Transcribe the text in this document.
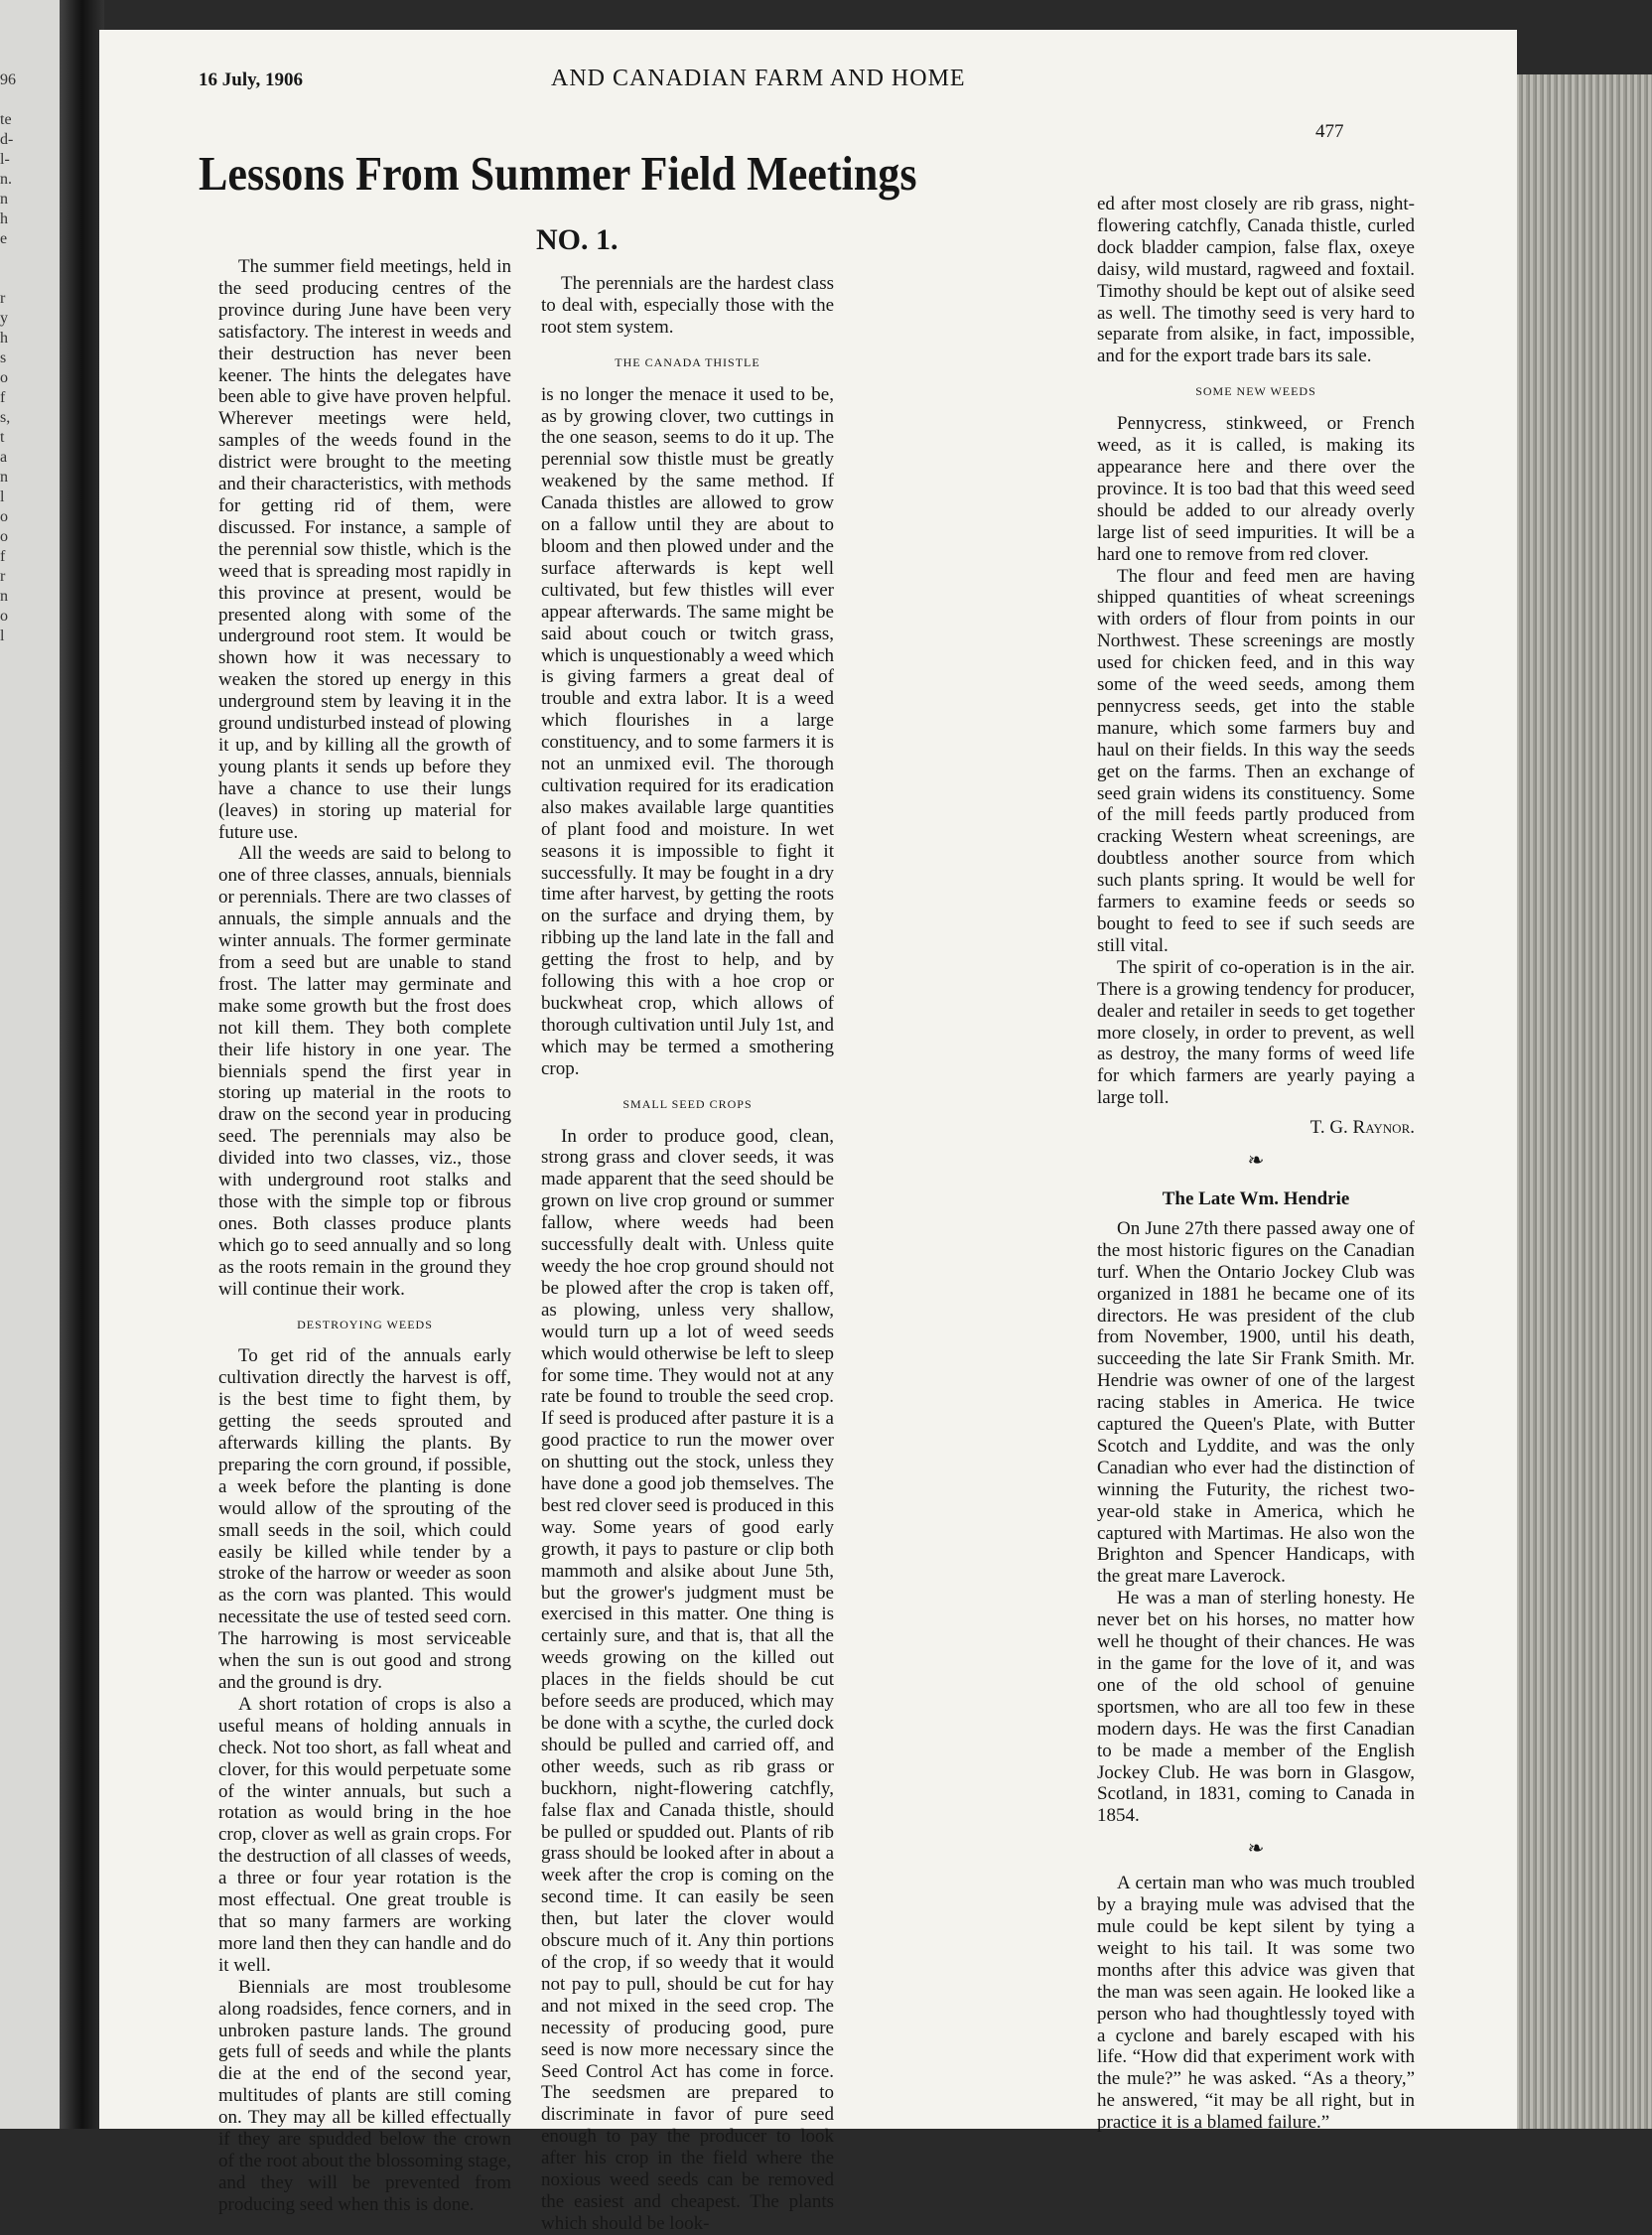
96
te
d-
l-
n.
n
h
e
r
y
h
s
o
f
s,
t
a
n
l
o
o
f
r
n
o
l
16 July, 1906	AND CANADIAN FARM AND HOME
477
Lessons From Summer Field Meetings
NO. 1.

The summer field meetings, held in the seed producing centres of the province during June have been very satisfactory. The interest in weeds and their destruction has never been keener. The hints the delegates have been able to give have proven helpful. Wherever meetings were held, samples of the weeds found in the district were brought to the meeting and their characteristics, with methods for getting rid of them, were discussed. For instance, a sample of the perennial sow thistle, which is the weed that is spreading most rapidly in this province at present, would be presented along with some of the underground root stem. It would be shown how it was necessary to weaken the stored up energy in this underground stem by leaving it in the ground undisturbed instead of plowing it up, and by killing all the growth of young plants it sends up before they have a chance to use their lungs (leaves) in storing up material for future use.

All the weeds are said to belong to one of three classes, annuals, biennials or perennials. There are two classes of annuals, the simple annuals and the winter annuals. The former germinate from a seed but are unable to stand frost. The latter may germinate and make some growth but the frost does not kill them. They both complete their life history in one year. The biennials spend the first year in storing up material in the roots to draw on the second year in producing seed. The perennials may also be divided into two classes, viz., those with underground root stalks and those with the simple top or fibrous ones. Both classes produce plants which go to seed annually and so long as the roots remain in the ground they will continue their work.

DESTROYING WEEDS

To get rid of the annuals early cultivation directly the harvest is off, is the best time to fight them, by getting the seeds sprouted and afterwards killing the plants. By preparing the corn ground, if possible, a week before the planting is done would allow of the sprouting of the small seeds in the soil, which could easily be killed while tender by a stroke of the harrow or weeder as soon as the corn was planted. This would necessitate the use of tested seed corn. The harrowing is most serviceable when the sun is out good and strong and the ground is dry.

A short rotation of crops is also a useful means of holding annuals in check. Not too short, as fall wheat and clover, for this would perpetuate some of the winter annuals, but such a rotation as would bring in the hoe crop, clover as well as grain crops. For the destruction of all classes of weeds, a three or four year rotation is the most effectual. One great trouble is that so many farmers are working more land then they can handle and do it well.

Biennials are most troublesome along roadsides, fence corners, and in unbroken pasture lands. The ground gets full of seeds and while the plants die at the end of the second year, multitudes of plants are still coming on. They may all be killed effectually if they are spudded below the crown of the root about the blossoming stage, and they will be prevented from producing seed when this is done.

The perennials are the hardest class to deal with, especially those with the root stem system.

THE CANADA THISTLE

is no longer the menace it used to be, as by growing clover, two cuttings in the one season, seems to do it up. The perennial sow thistle must be greatly weakened by the same method. If Canada thistles are allowed to grow on a fallow until they are about to bloom and then plowed under and the surface afterwards is kept well cultivated, but few thistles will ever appear afterwards. The same might be said about couch or twitch grass, which is unquestionably a weed which is giving farmers a great deal of trouble and extra labor. It is a weed which flourishes in a large constituency, and to some farmers it is not an unmixed evil. The thorough cultivation required for its eradication also makes available large quantities of plant food and moisture. In wet seasons it is impossible to fight it successfully. It may be fought in a dry time after harvest, by getting the roots on the surface and drying them, by ribbing up the land late in the fall and getting the frost to help, and by following this with a hoe crop or buckwheat crop, which allows of thorough cultivation until July 1st, and which may be termed a smothering crop.

SMALL SEED CROPS

In order to produce good, clean, strong grass and clover seeds, it was made apparent that the seed should be grown on live crop ground or summer fallow, where weeds had been successfully dealt with. Unless quite weedy the hoe crop ground should not be plowed after the crop is taken off, as plowing, unless very shallow, would turn up a lot of weed seeds which would otherwise be left to sleep for some time. They would not at any rate be found to trouble the seed crop. If seed is produced after pasture it is a good practice to run the mower over on shutting out the stock, unless they have done a good job themselves. The best red clover seed is produced in this way. Some years of good early growth, it pays to pasture or clip both mammoth and alsike about June 5th, but the grower's judgment must be exercised in this matter. One thing is certainly sure, and that is, that all the weeds growing on the killed out places in the fields should be cut before seeds are produced, which may be done with a scythe, the curled dock should be pulled and carried off, and other weeds, such as rib grass or buckhorn, night-flowering catchfly, false flax and Canada thistle, should be pulled or spudded out. Plants of rib grass should be looked after in about a week after the crop is coming on the second time. It can easily be seen then, but later the clover would obscure much of it. Any thin portions of the crop, if so weedy that it would not pay to pull, should be cut for hay and not mixed in the seed crop. The necessity of producing good, pure seed is now more necessary since the Seed Control Act has come in force. The seedsmen are prepared to discriminate in favor of pure seed enough to pay the producer to look after his crop in the field where the noxious weed seeds can be removed the easiest and cheapest. The plants which should be look-

ed after most closely are rib grass, night-flowering catchfly, Canada thistle, curled dock bladder campion, false flax, oxeye daisy, wild mustard, ragweed and foxtail. Timothy should be kept out of alsike seed as well. The timothy seed is very hard to separate from alsike, in fact, impossible, and for the export trade bars its sale.

SOME NEW WEEDS

Pennycress, stinkweed, or French weed, as it is called, is making its appearance here and there over the province. It is too bad that this weed seed should be added to our already overly large list of seed impurities. It will be a hard one to remove from red clover.

The flour and feed men are having shipped quantities of wheat screenings with orders of flour from points in our Northwest. These screenings are mostly used for chicken feed, and in this way some of the weed seeds, among them pennycress seeds, get into the stable manure, which some farmers buy and haul on their fields. In this way the seeds get on the farms. Then an exchange of seed grain widens its constituency. Some of the mill feeds partly produced from cracking Western wheat screenings, are doubtless another source from which such plants spring. It would be well for farmers to examine feeds or seeds so bought to feed to see if such seeds are still vital.

The spirit of co-operation is in the air. There is a growing tendency for producer, dealer and retailer in seeds to get together more closely, in order to prevent, as well as destroy, the many forms of weed life for which farmers are yearly paying a large toll.

T. G. Raynor.

❧
The Late Wm. Hendrie

On June 27th there passed away one of the most historic figures on the Canadian turf. When the Ontario Jockey Club was organized in 1881 he became one of its directors. He was president of the club from November, 1900, until his death, succeeding the late Sir Frank Smith. Mr. Hendrie was owner of one of the largest racing stables in America. He twice captured the Queen's Plate, with Butter Scotch and Lyddite, and was the only Canadian who ever had the distinction of winning the Futurity, the richest two-year-old stake in America, which he captured with Martimas. He also won the Brighton and Spencer Handicaps, with the great mare Laverock.

He was a man of sterling honesty. He never bet on his horses, no matter how well he thought of their chances. He was in the game for the love of it, and was one of the old school of genuine sportsmen, who are all too few in these modern days. He was the first Canadian to be made a member of the English Jockey Club. He was born in Glasgow, Scotland, in 1831, coming to Canada in 1854.

❧

A certain man who was much troubled by a braying mule was advised that the mule could be kept silent by tying a weight to his tail. It was some two months after this advice was given that the man was seen again. He looked like a person who had thoughtlessly toyed with a cyclone and barely escaped with his life. “How did that experiment work with the mule?” he was asked. “As a theory,” he answered, “it may be all right, but in practice it is a blamed failure.”
